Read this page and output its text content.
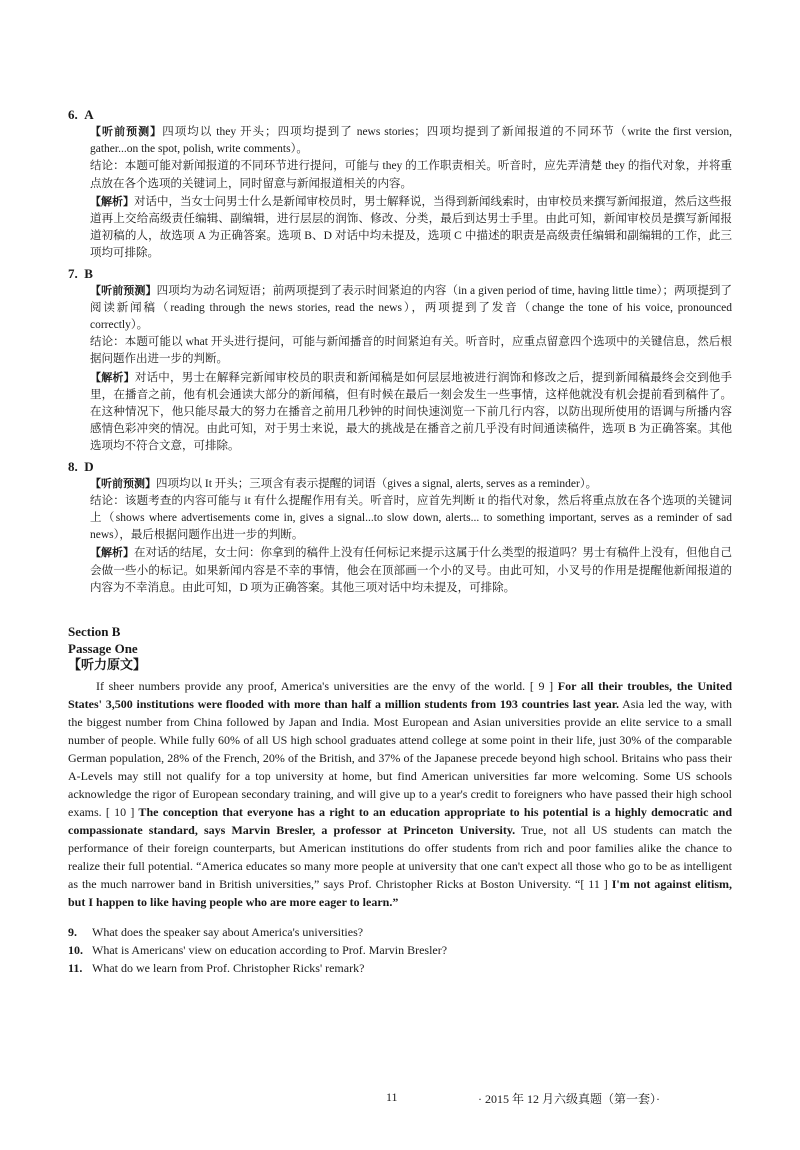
6. A

【听前预测】四项均以 they 开头；四项均提到了 news stories；四项均提到了新闻报道的不同环节（write the first version, gather...on the spot, polish, write comments）。

结论：本题可能对新闻报道的不同环节进行提问，可能与 they 的工作职责相关。听音时，应先弄清楚 they 的指代对象，并将重点放在各个选项的关键词上，同时留意与新闻报道相关的内容。

【解析】对话中，当女士问男士什么是新闻审校员时，男士解释说，当得到新闻线索时，由审校员来撰写新闻报道，然后这些报道再上交给高级责任编辑、副编辑，进行层层的润饰、修改、分类，最后到达男士手里。由此可知，新闻审校员是撰写新闻报道初稿的人，故选项 A 为正确答案。选项 B、D 对话中均未提及，选项 C 中描述的职责是高级责任编辑和副编辑的工作，此三项均可排除。

7. B

【听前预测】四项均为动名词短语；前两项提到了表示时间紧迫的内容（in a given period of time, having little time）；两项提到了阅读新闻稿（reading through the news stories, read the news），两项提到了发音（change the tone of his voice, pronounced correctly）。

结论：本题可能以 what 开头进行提问，可能与新闻播音的时间紧迫有关。听音时，应重点留意四个选项中的关键信息，然后根据问题作出进一步的判断。

【解析】对话中，男士在解释完新闻审校员的职责和新闻稿是如何层层地被进行润饰和修改之后，提到新闻稿最终会交到他手里，在播音之前，他有机会通读大部分的新闻稿，但有时候在最后一刻会发生一些事情，这样他就没有机会提前看到稿件了。在这种情况下，他只能尽最大的努力在播音之前用几秒钟的时间快速浏览一下前几行内容，以防出现所使用的语调与所播内容感情色彩冲突的情况。由此可知，对于男士来说，最大的挑战是在播音之前几乎没有时间通读稿件，选项 B 为正确答案。其他选项均不符合文意，可排除。

8. D

【听前预测】四项均以 It 开头；三项含有表示提醒的词语（gives a signal, alerts, serves as a reminder）。

结论：该题考查的内容可能与 it 有什么提醒作用有关。听音时，应首先判断 it 的指代对象，然后将重点放在各个选项的关键词上（shows where advertisements come in, gives a signal...to slow down, alerts... to something important, serves as a reminder of sad news），最后根据问题作出进一步的判断。

【解析】在对话的结尾，女士问：你拿到的稿件上没有任何标记来提示这属于什么类型的报道吗？男士有稿件上没有，但他自己会做一些小的标记。如果新闻内容是不幸的事情，他会在顶部画一个小的叉号。由此可知，小叉号的作用是提醒他新闻报道的内容为不幸消息。由此可知，D 项为正确答案。其他三项对话中均未提及，可排除。

Section B
Passage One
【听力原文】

If sheer numbers provide any proof, America's universities are the envy of the world. [ 9 ] For all their troubles, the United States' 3,500 institutions were flooded with more than half a million students from 193 countries last year. Asia led the way, with the biggest number from China followed by Japan and India. Most European and Asian universities provide an elite service to a small number of people. While fully 60% of all US high school graduates attend college at some point in their life, just 30% of the comparable German population, 28% of the French, 20% of the British, and 37% of the Japanese precede beyond high school. Britains who pass their A-Levels may still not qualify for a top university at home, but find American universities far more welcoming. Some US schools acknowledge the rigor of European secondary training, and will give up to a year's credit to foreigners who have passed their high school exams. [ 10 ] The conception that everyone has a right to an education appropriate to his potential is a highly democratic and compassionate standard, says Marvin Bresler, a professor at Princeton University. True, not all US students can match the performance of their foreign counterparts, but American institutions do offer students from rich and poor families alike the chance to realize their full potential. “America educates so many more people at university that one can't expect all those who go to be as intelligent as the much narrower band in British universities,” says Prof. Christopher Ricks at Boston University. “[ 11 ] I'm not against elitism, but I happen to like having people who are more eager to learn.”

9.	What does the speaker say about America's universities?
10. What is Americans' view on education according to Prof. Marvin Bresler?
11. What do we learn from Prof. Christopher Ricks' remark?
11	· 2015 年 12 月六级真题（第一套）·
